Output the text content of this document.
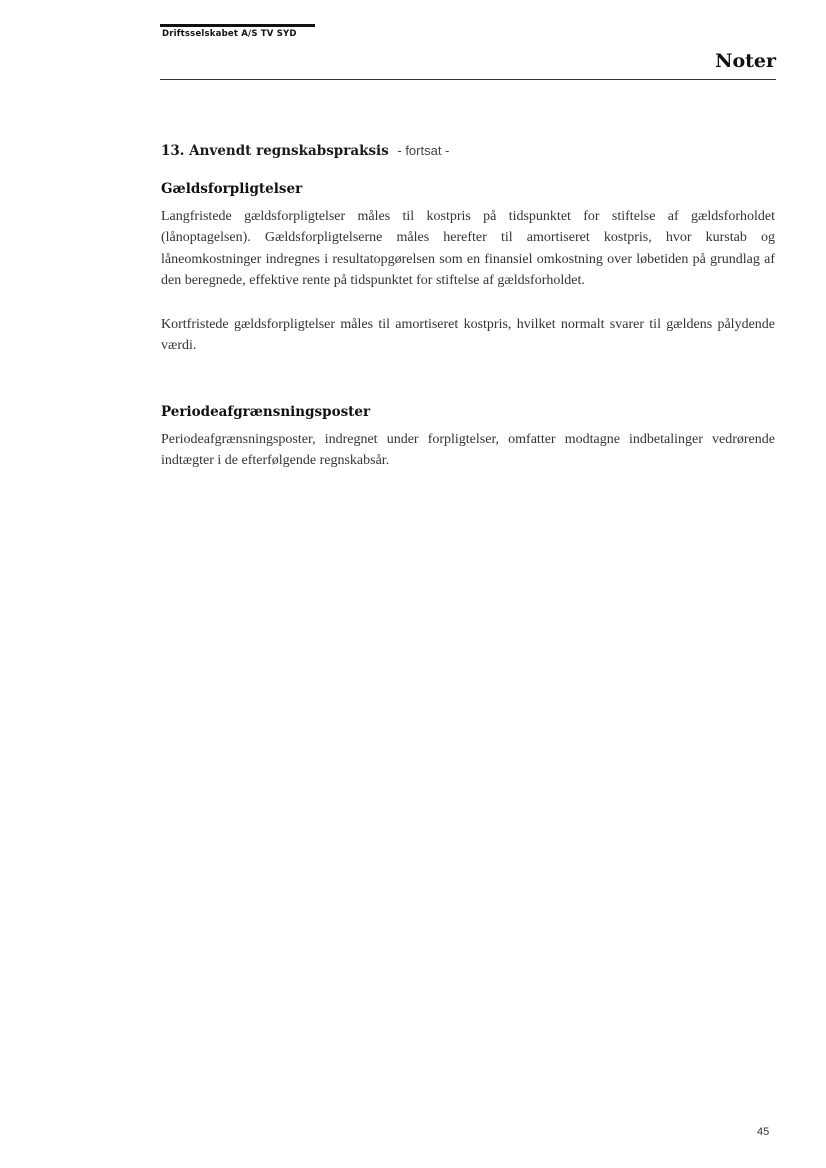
Driftsselskabet A/S TV SYD
Noter
13. Anvendt regnskabspraksis - fortsat -
Gældsforpligtelser

Langfristede gældsforpligtelser måles til kostpris på tidspunktet for stiftelse af gældsforholdet (lånoptagelsen). Gældsforpligtelserne måles herefter til amortiseret kostpris, hvor kurstab og låneomkostninger indregnes i resultatopgørelsen som en finansiel omkostning over løbetiden på grundlag af den beregnede, effektive rente på tidspunktet for stiftelse af gældsforholdet.

Kortfristede gældsforpligtelser måles til amortiseret kostpris, hvilket normalt svarer til gældens pålydende værdi.

Periodeafgrænsningsposter

Periodeafgrænsningsposter, indregnet under forpligtelser, omfatter modtagne indbetalinger vedrørende indtægter i de efterfølgende regnskabsår.

45
